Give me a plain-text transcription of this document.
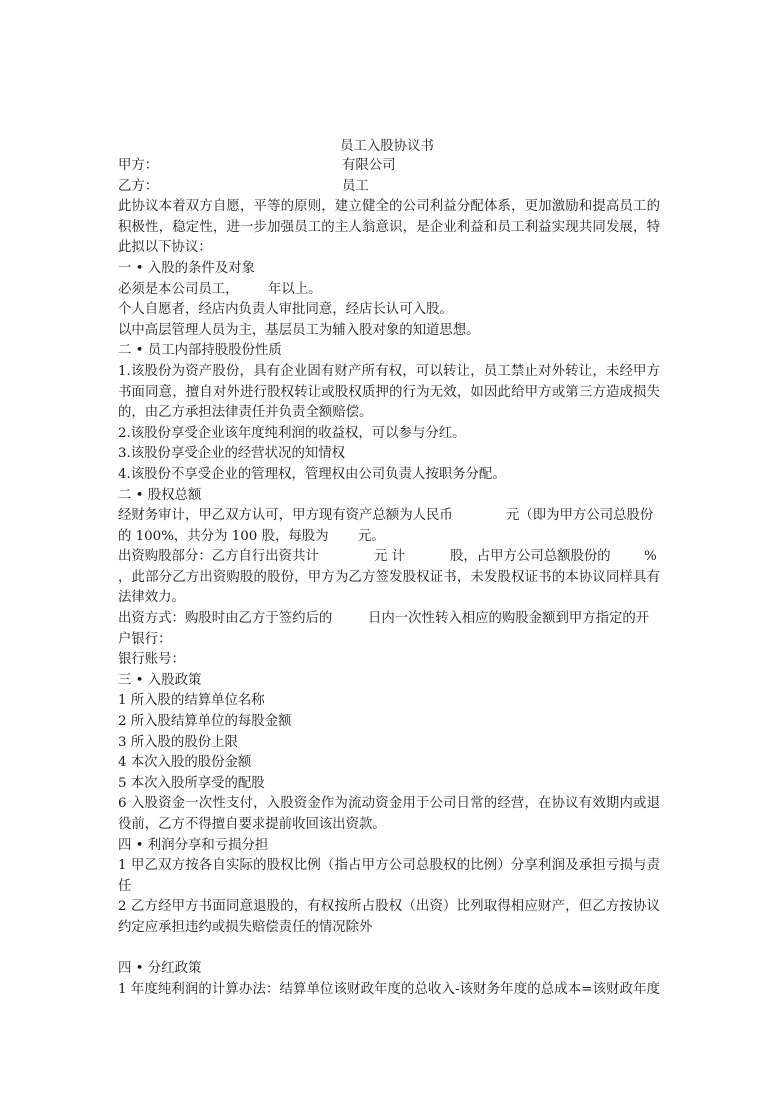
员工入股协议书
甲方：	有限公司
乙方：	员工
此协议本着双方自愿，平等的原则，建立健全的公司利益分配体系，更加激励和提高员工的
积极性，稳定性，进一步加强员工的主人翁意识，是企业利益和员工利益实现共同发展，特
此拟以下协议：
一 • 入股的条件及对象
必须是本公司员工， 年以上。
个人自愿者，经店内负责人审批同意，经店长认可入股。
以中高层管理人员为主，基层员工为辅入股对象的知道思想。
二 • 员工内部持股股份性质
1.该股份为资产股份，具有企业固有财产所有权，可以转让，员工禁止对外转让，未经甲方
书面同意，擅自对外进行股权转让或股权质押的行为无效，如因此给甲方或第三方造成损失
的，由乙方承担法律责任并负责全额赔偿。
2.该股份享受企业该年度纯利润的收益权，可以参与分红。
3.该股份享受企业的经营状况的知情权
4.该股份不享受企业的管理权，管理权由公司负责人按职务分配。
二 • 股权总额
经财务审计，甲乙双方认可，甲方现有资产总额为人民币	元（即为甲方公司总股份
的 100%，共分为 100 股，每股为 元。
出资购股部分：乙方自行出资共计	元 计	股，占甲方公司总额股份的 %
，此部分乙方出资购股的股份，甲方为乙方签发股权证书，未发股权证书的本协议同样具有
法律效力。
出资方式：购股时由乙方于签约后的	日内一次性转入相应的购股金额到甲方指定的开
户银行：
银行账号：
三 • 入股政策
1 所入股的结算单位名称
2 所入股结算单位的每股金额
3 所入股的股份上限
4 本次入股的股份金额
5 本次入股所享受的配股
6 入股资金一次性支付，入股资金作为流动资金用于公司日常的经营，在协议有效期内或退
役前，乙方不得擅自要求提前收回该出资款。
四 • 利润分享和亏损分担
1 甲乙双方按各自实际的股权比例（指占甲方公司总股权的比例）分享利润及承担亏损与责
任
2 乙方经甲方书面同意退股的，有权按所占股权（出资）比列取得相应财产，但乙方按协议
约定应承担违约或损失赔偿责任的情况除外
四 • 分红政策
1 年度纯利润的计算办法：结算单位该财政年度的总收入-该财务年度的总成本=该财政年度
